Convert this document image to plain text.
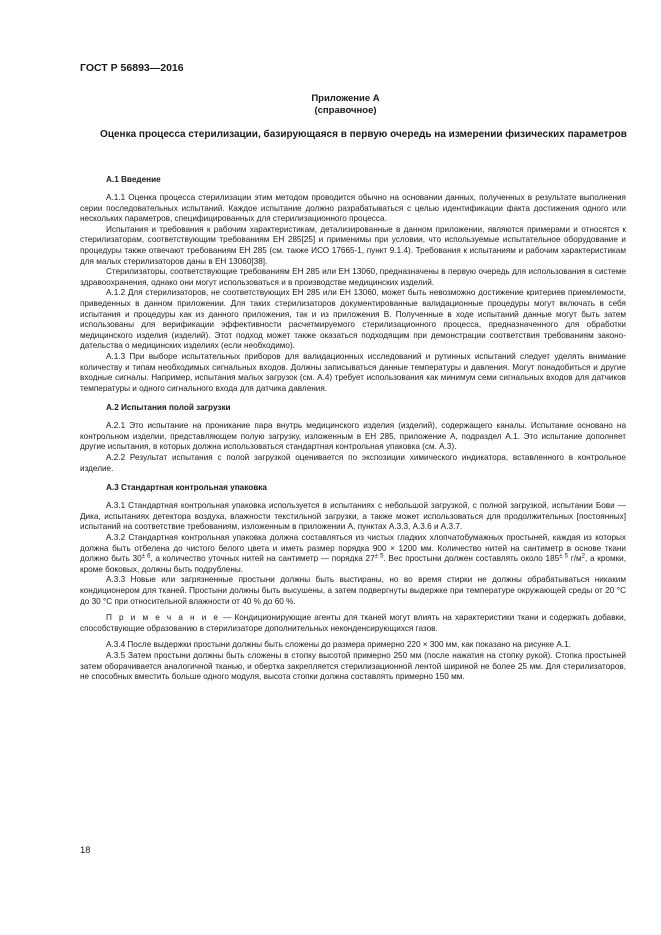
ГОСТ Р 56893—2016
Приложение А
(справочное)
Оценка процесса стерилизации, базирующаяся в первую очередь на измерении физических параметров
А.1 Введение

А.1.1 Оценка процесса стерилизации этим методом проводится обычно на основании данных, полученных в результате выполнения серии последовательных испытаний. Каждое испытание должно разрабатываться с целью идентификации факта достижения одного или нескольких параметров, специфицированных для стерилизационного процесса.

Испытания и требования к рабочим характеристикам, детализированные в данном приложении, являются примерами и относятся к стерилизаторам, соответствующим требованиям ЕН 285[25] и применимы при условии, что используемые испытательное оборудование и процедуры также отвечают требованиям ЕН 285 (см. также ИСО 17665-1, пункт 9.1.4). Требования к испытаниям и рабочим характеристикам для малых стерилизаторов даны в ЕН 13060[38].

Стерилизаторы, соответствующие требованиям ЕН 285 или ЕН 13060, предназначены в первую очередь для использования в системе здравоохранения, однако они могут использоваться и в производстве медицинских изделий.

А.1.2 Для стерилизаторов, не соответствующих ЕН 285 или ЕН 13060, может быть невозможно достижение критериев приемлемости, приведенных в данном приложении. Для таких стерилизаторов документированные валидационные процедуры могут включать в себя испытания и процедуры как из данного приложения, так и из приложения В. Полученные в ходе испытаний данные могут быть затем использованы для верификации эффективности расчетмируемого стерилизационного процесса, предназначенного для обработки медицинского изделия (изделий). Этот подход может также оказаться подходящим при демонстрации соответствия требованиям законодательства о медицинских изделиях (если необходимо).

А.1.3 При выборе испытательных приборов для валидационных исследований и рутинных испытаний следует уделять внимание количеству и типам необходимых сигнальных входов. Должны записываться данные температуры и давления. Могут понадобиться и другие входные сигналы. Например, испытания малых загрузок (см. А.4) требует использования как минимум семи сигнальных входов для датчиков температуры и одного сигнального входа для датчика давления.

А.2 Испытания полой загрузки

А.2.1 Это испытание на проникание пара внутрь медицинского изделия (изделий), содержащего каналы. Испытание основано на контрольном изделии, представляющем полую загрузку, изложенным в ЕН 285, приложение А, подраздел А.1. Это испытание дополняет другие испытания, в которых должна использоваться стандартная контрольная упаковка (см. А.3).

А.2.2 Результат испытания с полой загрузкой оценивается по экспозиции химического индикатора, вставленного в контрольное изделие.

А.3 Стандартная контрольная упаковка

А.3.1 Стандартная контрольная упаковка используется в испытаниях с небольшой загрузкой, с полной загрузкой, испытании Бови — Дика, испытаниях детектора воздуха, влажности текстильной загрузки, а также может использоваться для продолжительных [постоянных] испытаний на соответствие требованиям, изложенным в приложении А, пунктах А.3.3, А.3.6 и А.3.7.

А.3.2 Стандартная контрольная упаковка должна составляться из чистых гладких хлопчатобумажных простыней, каждая из которых должна быть отбелена до чистого белого цвета и иметь размер порядка 900 × 1200 мм. Количество нитей на сантиметр в основе ткани должно быть $30^{\pm 6}$, а количество уточных нитей на сантиметр — порядка $27^{\pm 5}$. Вес простыни должен составлять около $185^{\pm 5}$ $г/м^2$, а кромки, кроме боковых, должны быть подрублены.

А.3.3 Новые или загрязненные простыни должны быть выстираны, но во время стирки не должны обрабатываться никаким кондиционером для тканей. Простыни должны быть высушены, а затем подвергнуты выдержке при температуре окружающей среды от 20 °С до 30 °С при относительной влажности от 40 % до 60 %.

П р и м е ч а н и е — Кондиционирующие агенты для тканей могут влиять на характеристики ткани и содержать добавки, способствующие образованию в стерилизаторе дополнительных неконденсирующихся газов.

А.3.4 После выдержки простыни должны быть сложены до размера примерно 220 × 300 мм, как показано на рисунке А.1.

А.3.5 Затем простыни должны быть сложены в стопку высотой примерно 250 мм (после нажатия на стопку рукой). Стопка простыней затем оборачивается аналогичной тканью, и обертка закрепляется стерилизационной лентой шириной не более 25 мм. Для стерилизаторов, не способных вместить больше одного модуля, высота стопки должна составлять примерно 150 мм.

18
